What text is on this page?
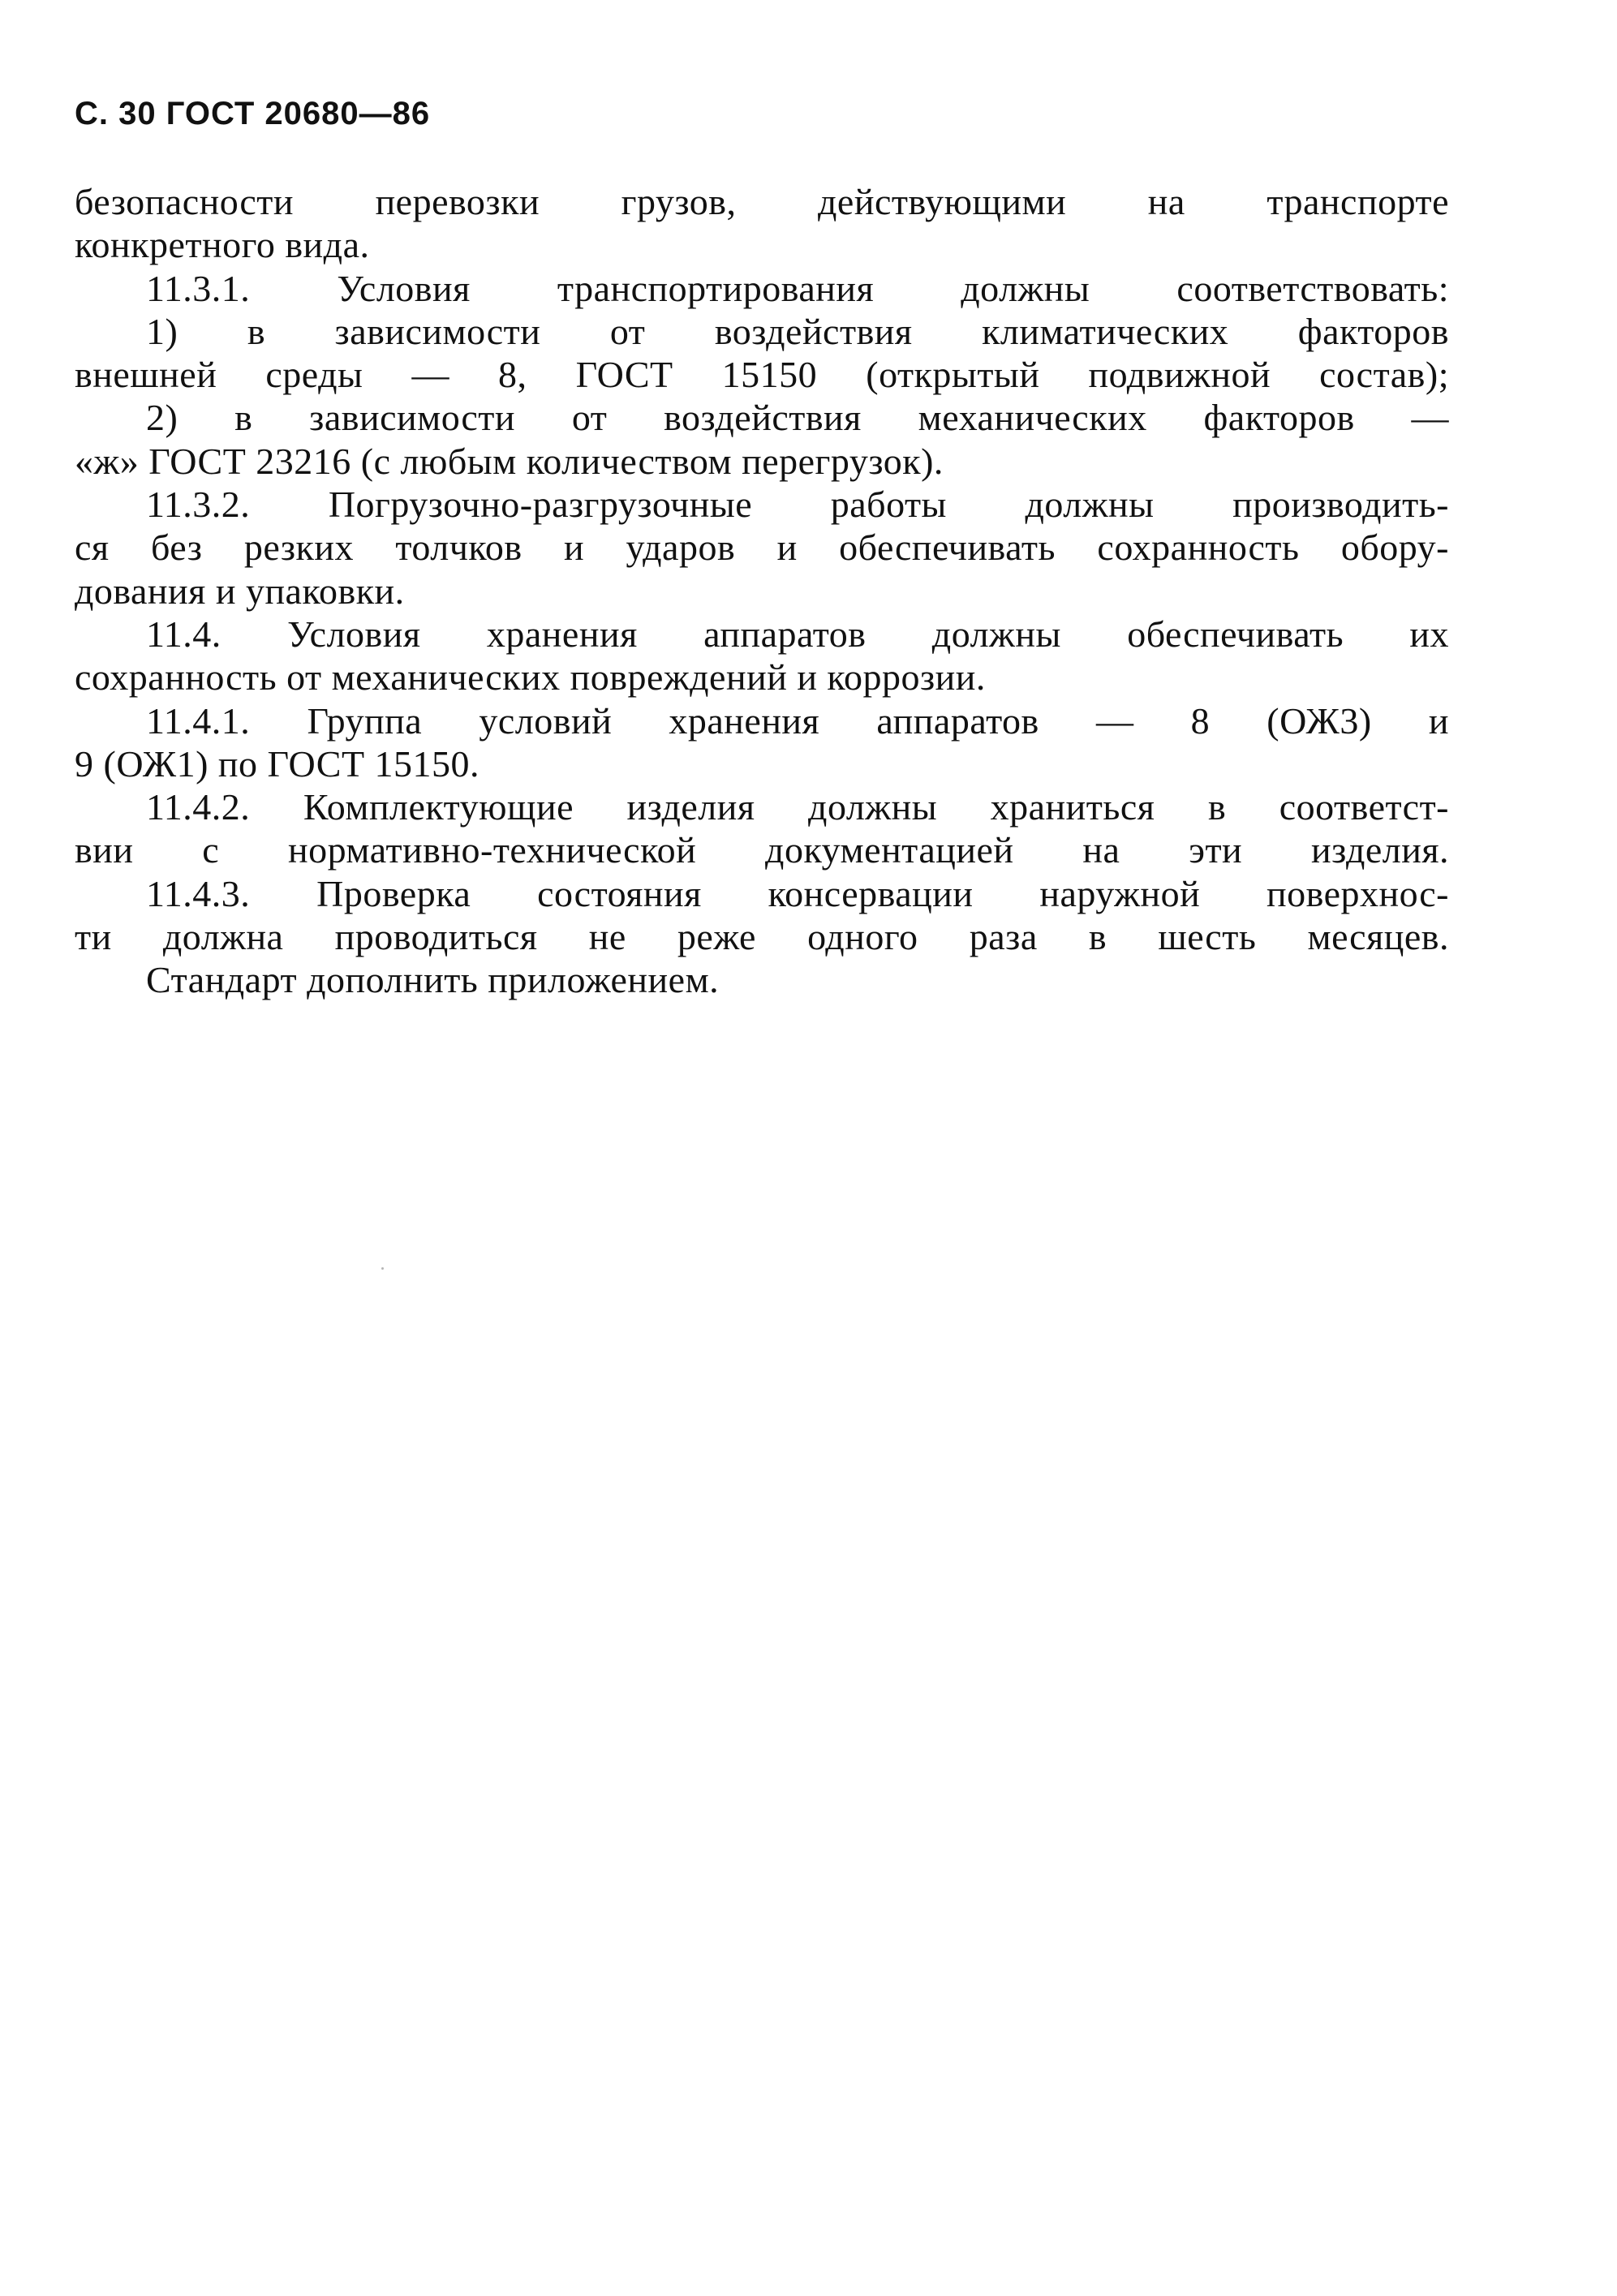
С. 30 ГОСТ 20680—86
безопасности перевозки грузов, действующими на транспорте
конкретного вида.
11.3.1. Условия транспортирования должны соответствовать:
1) в зависимости от воздействия климатических факторов
внешней среды — 8, ГОСТ 15150 (открытый подвижной состав);
2) в зависимости от воздействия механических факторов —
«ж» ГОСТ 23216 (с любым количеством перегрузок).
11.3.2. Погрузочно-разгрузочные работы должны производить-
ся без резких толчков и ударов и обеспечивать сохранность обору-
дования и упаковки.
11.4. Условия хранения аппаратов должны обеспечивать их
сохранность от механических повреждений и коррозии.
11.4.1. Группа условий хранения аппаратов — 8 (ОЖ3) и
9 (ОЖ1) по ГОСТ 15150.
11.4.2. Комплектующие изделия должны храниться в соответст-
вии с нормативно-технической документацией на эти изделия.
11.4.3. Проверка состояния консервации наружной поверхнос-
ти должна проводиться не реже одного раза в шесть месяцев.
Стандарт дополнить приложением.
